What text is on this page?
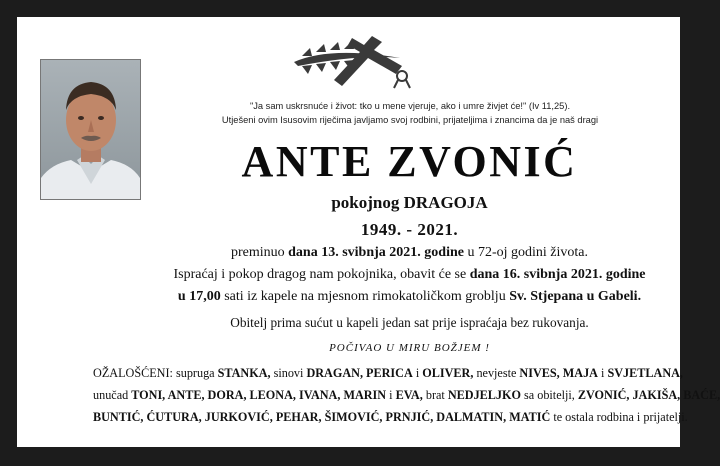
"Ja sam uskrsnuće i život: tko u mene vjeruje, ako i umre živjet će!" (Iv 11,25).
Utješeni ovim Isusovim riječima javljamo svoj rodbini, prijateljima i znancima da je naš dragi
ANTE ZVONIĆ
pokojnog DRAGOJA
1949. - 2021.
preminuo dana 13. svibnja 2021. godine u 72-oj godini života.
Ispraćaj i pokop dragog nam pokojnika, obavit će se dana 16. svibnja 2021. godine
u 17,00 sati iz kapele na mjesnom rimokatoličkom groblju Sv. Stjepana u Gabeli.
Obitelj prima sućut u kapeli jedan sat prije ispraćaja bez rukovanja.
POČIVAO U MIRU BOŽJEM !
OŽALOŠĆENI: supruga STANKA, sinovi DRAGAN, PERICA i OLIVER, nevjeste NIVES, MAJA i SVJETLANA,
unučad TONI, ANTE, DORA, LEONA, IVANA, MARIN i EVA, brat NEDJELJKO sa obitelji, ZVONIĆ, JAKIŠA, BAĆE,
BUNTIĆ, ĆUTURA, JURKOVIĆ, PEHAR, ŠIMOVIĆ, PRNJIĆ, DALMATIN, MATIĆ te ostala rodbina i prijatelji.
